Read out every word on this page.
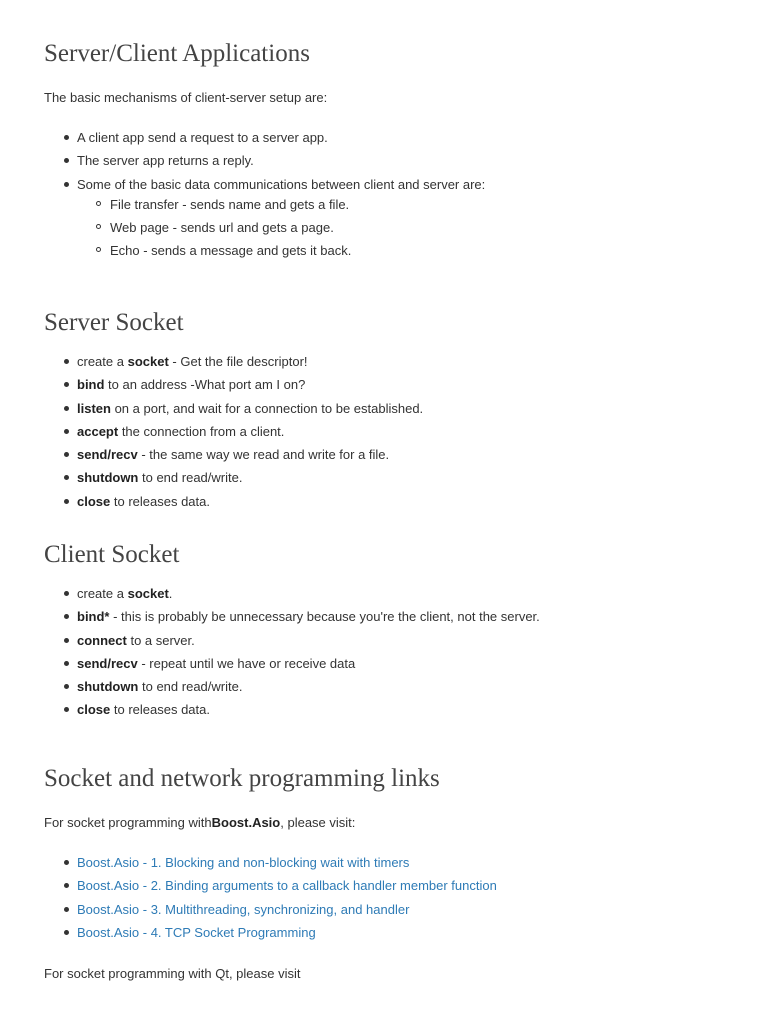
Server/Client Applications

The basic mechanisms of client-server setup are:

A client app send a request to a server app.
The server app returns a reply.
Some of the basic data communications between client and server are:
File transfer - sends name and gets a file.
Web page - sends url and gets a page.
Echo - sends a message and gets it back.
Server Socket
create a socket - Get the file descriptor!
bind to an address -What port am I on?
listen on a port, and wait for a connection to be established.
accept the connection from a client.
send/recv - the same way we read and write for a file.
shutdown to end read/write.
close to releases data.
Client Socket
create a socket.
bind* - this is probably be unnecessary because you're the client, not the server.
connect to a server.
send/recv - repeat until we have or receive data
shutdown to end read/write.
close to releases data.
Socket and network programming links

For socket programming withBoost.Asio, please visit:

Boost.Asio - 1. Blocking and non-blocking wait with timers
Boost.Asio - 2. Binding arguments to a callback handler member function
Boost.Asio - 3. Multithreading, synchronizing, and handler
Boost.Asio - 4. TCP Socket Programming

For socket programming with Qt, please visit
